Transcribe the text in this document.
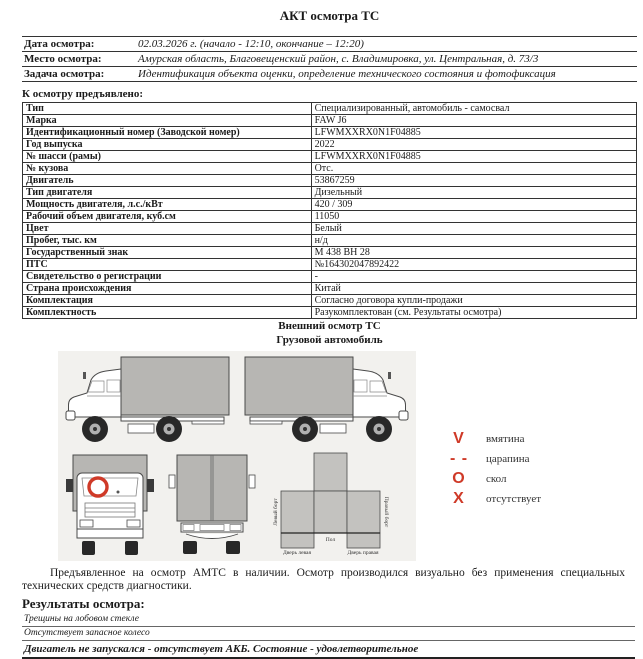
АКТ осмотра ТС
Дата осмотра:	02.03.2026 г. (начало - 12:10, окончание – 12:20)
Место осмотра:	Амурская область, Благовещенский район, с. Владимировка, ул. Центральная, д. 73/3
Задача осмотра:	Идентификация объекта оценки, определение технического состояния и фотофиксация
К осмотру предъявлено:
Тип	Специализированный, автомобиль - самосвал
Марка	FAW J6
Идентификационный номер (Заводской номер)	LFWMXXRX0N1F04885
Год выпуска	2022
№ шасси (рамы)	LFWMXXRX0N1F04885
№ кузова	Отс.
Двигатель	53867259
Тип двигателя	Дизельный
Мощность двигателя, л.с./кВт	420 / 309
Рабочий объем двигателя, куб.см	11050
Цвет	Белый
Пробег, тыс. км	н/д
Государственный знак	М 438 ВН 28
ПТС	№164302047892422
Свидетельство о регистрации	-
Страна происхождения	Китай
Комплектация	Согласно договора купли-продажи
Комплектность	Разукомплектован (см. Результаты осмотра)
Внешний осмотр ТС
Грузовой автомобиль
Левый борт	Правый борт
Пол
Дверь левая	Дверь правая
V	вмятина
- -	царапина
O	скол
X	отсутствует
Предъявленное на осмотр АМТС в наличии. Осмотр производился визуально без применения специальных технических средств диагностики.
Результаты осмотра:
Трещины на лобовом стекле
Отсутствует запасное колесо
Двигатель не запускался - отсутствует АКБ. Состояние - удовлетворительное
